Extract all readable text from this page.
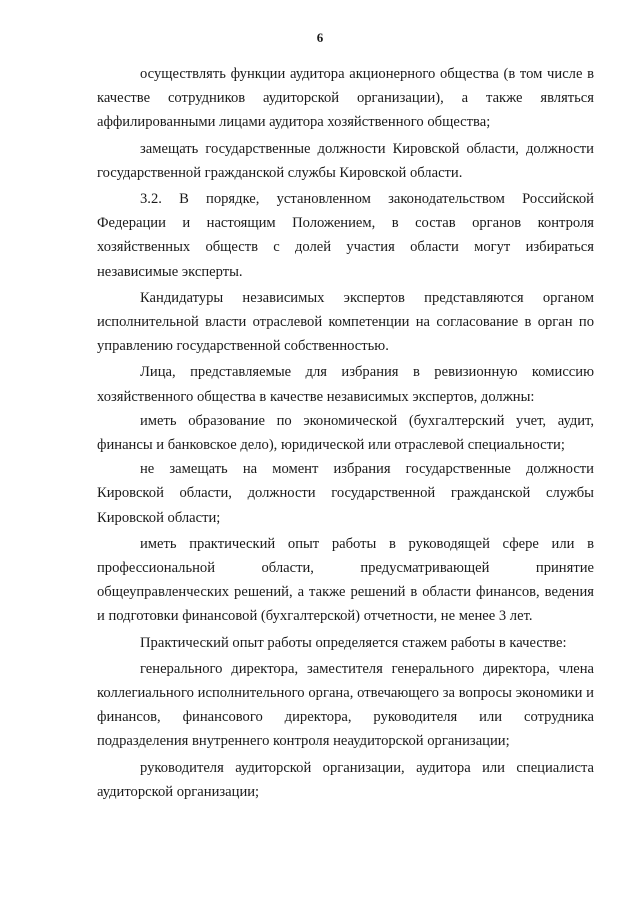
6

осуществлять функции аудитора акционерного общества (в том числе в качестве сотрудников аудиторской организации), а также являться аффилированными лицами аудитора хозяйственного общества;

замещать государственные должности Кировской области, должности государственной гражданской службы Кировской области.

3.2. В порядке, установленном законодательством Российской Федерации и настоящим Положением, в состав органов контроля хозяйственных обществ с долей участия области могут избираться независимые эксперты.

Кандидатуры независимых экспертов представляются органом исполнительной власти отраслевой компетенции на согласование в орган по управлению государственной собственностью.

Лица, представляемые для избрания в ревизионную комиссию хозяйственного общества в качестве независимых экспертов, должны:

иметь образование по экономической (бухгалтерский учет, аудит, финансы и банковское дело), юридической или отраслевой специальности;

не замещать на момент избрания государственные должности Кировской области, должности государственной гражданской службы Кировской области;

иметь практический опыт работы в руководящей сфере или в профессиональной области, предусматривающей принятие общеуправленческих решений, а также решений в области финансов, ведения и подготовки финансовой (бухгалтерской) отчетности, не менее 3 лет.

Практический опыт работы определяется стажем работы в качестве:

генерального директора, заместителя генерального директора, члена коллегиального исполнительного органа, отвечающего за вопросы экономики и финансов, финансового директора, руководителя или сотрудника подразделения внутреннего контроля неаудиторской организации;

руководителя аудиторской организации, аудитора или специалиста аудиторской организации;
